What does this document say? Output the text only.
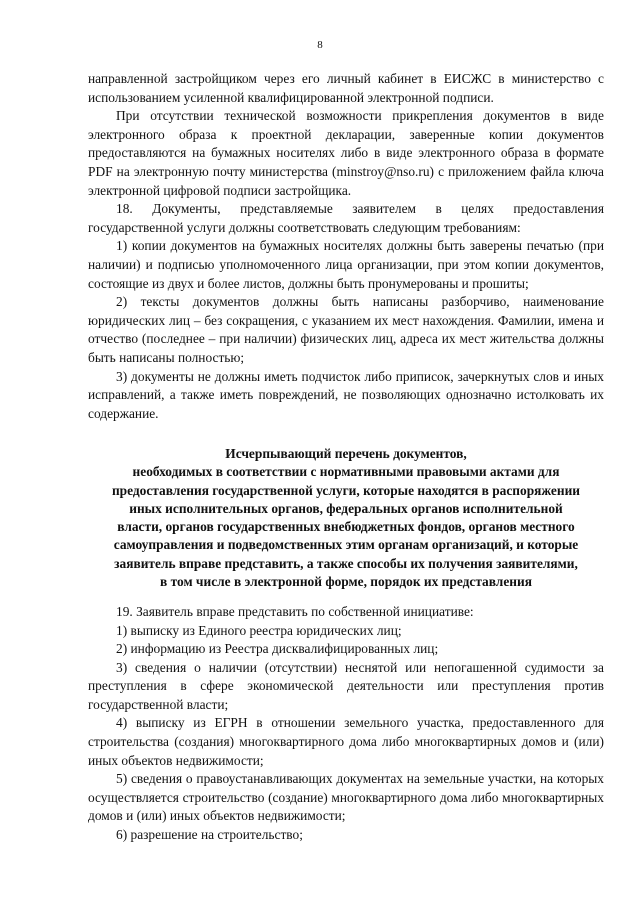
8

направленной застройщиком через его личный кабинет в ЕИСЖС в министерство с использованием усиленной квалифицированной электронной подписи.

При отсутствии технической возможности прикрепления документов в виде электронного образа к проектной декларации, заверенные копии документов предоставляются на бумажных носителях либо в виде электронного образа в формате PDF на электронную почту министерства (minstroy@nso.ru) с приложением файла ключа электронной цифровой подписи застройщика.

18. Документы, представляемые заявителем в целях предоставления государственной услуги должны соответствовать следующим требованиям:

1) копии документов на бумажных носителях должны быть заверены печатью (при наличии) и подписью уполномоченного лица организации, при этом копии документов, состоящие из двух и более листов, должны быть пронумерованы и прошиты;

2) тексты документов должны быть написаны разборчиво, наименование юридических лиц – без сокращения, с указанием их мест нахождения. Фамилии, имена и отчество (последнее – при наличии) физических лиц, адреса их мест жительства должны быть написаны полностью;

3) документы не должны иметь подчисток либо приписок, зачеркнутых слов и иных исправлений, а также иметь повреждений, не позволяющих однозначно истолковать их содержание.

Исчерпывающий перечень документов,
необходимых в соответствии с нормативными правовыми актами для
предоставления государственной услуги, которые находятся в распоряжении
иных исполнительных органов, федеральных органов исполнительной
власти, органов государственных внебюджетных фондов, органов местного
самоуправления и подведомственных этим органам организаций, и которые
заявитель вправе представить, а также способы их получения заявителями,
в том числе в электронной форме, порядок их представления

19. Заявитель вправе представить по собственной инициативе:

1) выписку из Единого реестра юридических лиц;

2) информацию из Реестра дисквалифицированных лиц;

3) сведения о наличии (отсутствии) неснятой или непогашенной судимости за преступления в сфере экономической деятельности или преступления против государственной власти;

4) выписку из ЕГРН в отношении земельного участка, предоставленного для строительства (создания) многоквартирного дома либо многоквартирных домов и (или) иных объектов недвижимости;

5) сведения о правоустанавливающих документах на земельные участки, на которых осуществляется строительство (создание) многоквартирного дома либо многоквартирных домов и (или) иных объектов недвижимости;

6) разрешение на строительство;
